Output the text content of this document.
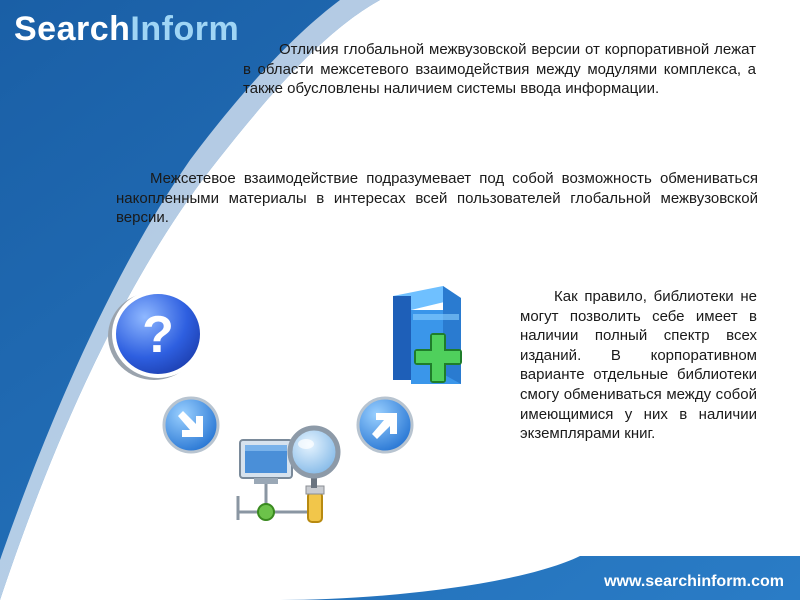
SearchInform
Отличия глобальной межвузовской версии от корпоративной лежат в области межсетевого взаимодействия между модулями комплекса, а также обусловлены наличием системы ввода информации.
Межсетевое взаимодействие подразумевает под собой возможность обмениваться накопленными материалы в интересах всей пользователей глобальной межвузовской версии.
Как правило, библиотеки не могут позволить себе имеет в наличии полный спектр всех изданий. В корпоративном варианте отдельные библиотеки смогу обмениваться между собой имеющимися у них в наличии экземплярами книг.
?
www.searchinform.com
